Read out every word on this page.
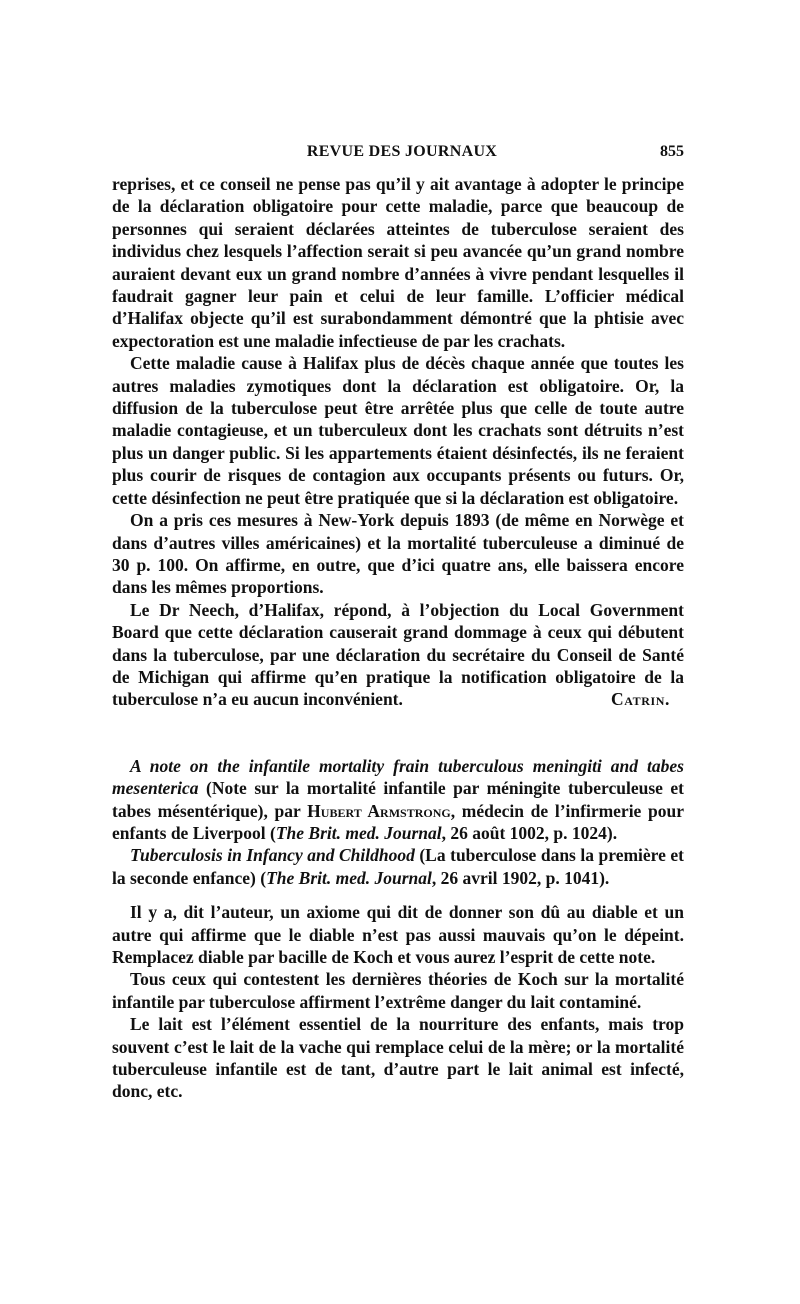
REVUE DES JOURNAUX	855

reprises, et ce conseil ne pense pas qu’il y ait avantage à adopter le principe de la déclaration obligatoire pour cette maladie, parce que beaucoup de personnes qui seraient déclarées atteintes de tuberculose seraient des individus chez lesquels l’affection serait si peu avancée qu’un grand nombre auraient devant eux un grand nombre d’années à vivre pendant lesquelles il faudrait gagner leur pain et celui de leur famille. L’officier médical d’Halifax objecte qu’il est surabondamment démontré que la phtisie avec expectoration est une maladie infectieuse de par les crachats.

Cette maladie cause à Halifax plus de décès chaque année que toutes les autres maladies zymotiques dont la déclaration est obligatoire. Or, la diffusion de la tuberculose peut être arrêtée plus que celle de toute autre maladie contagieuse, et un tuberculeux dont les crachats sont détruits n’est plus un danger public. Si les appartements étaient désinfectés, ils ne feraient plus courir de risques de contagion aux occupants présents ou futurs. Or, cette désinfection ne peut être pratiquée que si la déclaration est obligatoire.

On a pris ces mesures à New-York depuis 1893 (de même en Norwège et dans d’autres villes américaines) et la mortalité tuberculeuse a diminué de 30 p. 100. On affirme, en outre, que d’ici quatre ans, elle baissera encore dans les mêmes proportions.

Le Dr Neech, d’Halifax, répond, à l’objection du Local Government Board que cette déclaration causerait grand dommage à ceux qui débutent dans la tuberculose, par une déclaration du secrétaire du Conseil de Santé de Michigan qui affirme qu’en pratique la notification obligatoire de la tuberculose n’a eu aucun inconvénient.	Catrin.

A note on the infantile mortality frain tuberculous meningiti and tabes mesenterica (Note sur la mortalité infantile par méningite tuberculeuse et tabes mésentérique), par Hubert Armstrong, médecin de l’infirmerie pour enfants de Liverpool (The Brit. med. Journal, 26 août 1002, p. 1024).

Tuberculosis in Infancy and Childhood (La tuberculose dans la première et la seconde enfance) (The Brit. med. Journal, 26 avril 1902, p. 1041).

Il y a, dit l’auteur, un axiome qui dit de donner son dû au diable et un autre qui affirme que le diable n’est pas aussi mauvais qu’on le dépeint. Remplacez diable par bacille de Koch et vous aurez l’esprit de cette note.

Tous ceux qui contestent les dernières théories de Koch sur la mortalité infantile par tuberculose affirment l’extrême danger du lait contaminé.

Le lait est l’élément essentiel de la nourriture des enfants, mais trop souvent c’est le lait de la vache qui remplace celui de la mère; or la mortalité tuberculeuse infantile est de tant, d’autre part le lait animal est infecté, donc, etc.
